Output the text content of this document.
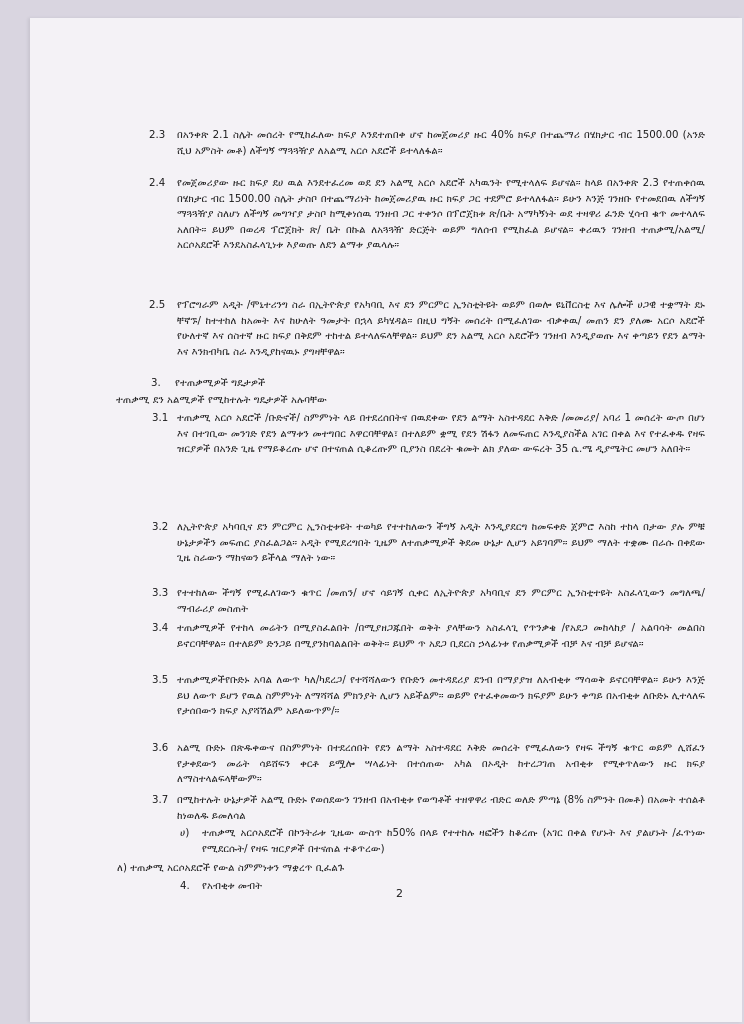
2.3	በአንቀጽ 2.1 ስሌት መሰረት የሚከፈለው ክፍያ እንደተጠበቀ ሆኖ ከመጀመሪያ ዙር 40% ክፍያ በተጨማሪ በሄክታር ብር 1500.00 (አንድ ሺህ አምስት መቶ) ለችግኝ ማጓጓዥያ ለአልሚ አርሶ አደሮች ይተላለፋል።
2.4	የመጀመሪያው ዙር ክፍያ ደሀ ዉል እንደተፈረመ ወደ ደን አልሚ አርሶ አደሮች አካዉንት የሚተላለፍ ይሆናል። ከላይ በአንቀጽ 2.3 የተጠቀሰዉ በሄክታር ብር 1500.00 ስሌት ታስቦ በተጨማሪነት ከመጀመሪያዉ ዙር ክፍያ ጋር ተደምሮ ይተላለፋል። ይሁን እንጅ ገንዘቡ የተመደበዉ ለችግኝ ማጓጓዥያ ስለሆነ ለችግኝ መግዣያ ታስቦ ከሚቀነሰዉ ገንዘብ ጋር ተቀንሶ በፕሮጀክቱ ጽ/ቤት አማካኝነት ወደ ተዛዋሪ ፈንድ ሂሳብ ቁጥ መተላለፍ አለበት። ይህም በወረዳ ፕሮጀክት ጽ/ ቤት በኩል ለአጓጓዥ ድርጅት ወይም ግለሰብ የሚከፈል ይሆናል። ቀሪዉን ገንዘብ ተጠቃሚ/አልሚ/ አርሶአደሮች እንደአስፈላጊነቱ እያወጡ ለደን ልማቱ ያዉላሉ።
2.5	የፕሮግራም አዲት /ሞኒተሪንግ ስራ በኢትዮጵያ የአካባቢ እና ደን ምርምር ኢንስቲትዩት ወይም በወሎ ዩኒቨርስቲ እና ሌሎች ሀጋዊ ተቋማት ደኑ ቸኛኙ/ ከተተከለ ከአመት እና ከሁለት ዓመታት በኋላ ይካሄዳል። በዚህ ግኝት መሰረት በሚፈለገው ብቃቀዉ/ መጠን ደን ያለሙ አርሶ አደሮች የሁለተኛ እና ሰስተኛ ዙር ክፍያ በቅደም ተከተል ይተላለፍላቸዋል። ይህም ደን አልሚ አርሶ አደሮችን ገንዘብ እንዲያወጡ እና ቀጣይን የደን ልማት እና እንክብካቤ ስራ እንዲያከናዉኑ ያግዛቸዋል።
3. የተጠቃሚዎች ግዴታዎች
ተጠቃሚ ደን አልሚዎች የሚከተሉት ግዴታዎች አሉባቸው
3.1 ተጠቃሚ አርሶ አደሮች /ቡድኖች/ ስምምነት ላይ በተደረሰበትና በዉደቀው የደን ልማት አስተዳደር እቅድ /መመሪያ/ አባሪ 1 መሰረት ውጦ በሆነ እና በተገቢው መንገድ የደን ልማቱን መተግበር እዋርባቸዋል፣ በተለይም ቋሚ የደን ሽፋን ለመፍጠር እንዲያስችል አገር በቀል እና የተፈቀዱ የዛፍ ዝርያዎች በአንድ ጊዜ የማይቆረጡ ሆኖ በተናጠል ሲቆረጡም ቢያንስ በደረት ቁመት ልክ ያለው ውፍረት 35 ሴ.ሜ ዲያሜትር መሆን አለበት።
3.2 ለኢትዮጵያ አካባቢና ደን ምርምር ኢንስቲቱዩት ተወካይ የተተከለውን ችግኝ አዲት እንዲያደርግ ከመፍቀድ ጀምሮ እስከ ተከላ በታው ያሉ ምቹ ሁኔታዎችን መፍጠር ያስፈልጋል። አዲት የሚደረግበት ጊዜም ለተጠቃሚዎች ቅደመ ሁኔታ ሊሆን አይገባም። ይህም ማለት ተቋሙ በራሱ በቀደው ጊዜ ስራውን ማከናወን ይችላል ማለት ነው።
3.3 የተተከለው ችግኝ የሚፈለገውን ቁጥር /መጠን/ ሆኖ ሳይገኝ ሲቀር ለኢትዮጵያ አካባቢና ደን ምርምር ኢንስቲተዩት አስፈላጊውን መግለጫ/ማብራሪያ መስጠት
3.4 ተጠቃሚዎች የተከላ መሬትን በሚያስፈልበት /በሚያዘጋጁበት ወቅት ያላቸውን አስፈላጊ የጥንቃቄ /የአደጋ መከላከያ / አልባሳት መልበስ ይኖርባቸዋል። በተለይም ድንጋይ በሚያንከባልልበት ወቅት። ይህም ጥ አደጋ ቢደርስ ኃላፊነቱ የጠቃሚዎች ብቻ እና ብቻ ይሆናል።
3.5 ተጠቃሚዎችየቡድኑ አባል ለውጥ ካለ/ካደረጋ/ የተሻሻለውን የቡድን መተዳደሪያ ደንብ በማያያዝ ለአብቂቱ ማሳወቅ ይኖርባቸዋል። ይሁን እንጅ ይህ ለውጥ ይሆን የዉል ስምምነት ለማሻሻል ምክንያት ሊሆን አይችልም። ወይም የተፈቀመውን ክፍያም ይሁን ቀጣይ በአብቂቱ ለቡድኑ ሊተላለፍ የታሰበውን ክፍያ አያሻሽልም አይለውጥም/።
3.6 አልሚ ቡድኑ በጽዱቀውና በስምምነት በተደረሰበት የደን ልማት አስተዳደር እቅድ መሰረት የሚፈለውን የዛፍ ችግኝ ቁጥር ወይም ሊሸፈን የታቀደውን መሬት ሳይሸፍን ቀርቶ ይሟሎ ሣላፊነት በተሰጠው አካል በኦዲት ከተረጋገጠ አብቂቱ የሚቀጥለውን ዙር ክፍያ ለማስተላልፍላቸውም።
3.7 በሚከተሉት ሁኔታዎች አልሚ ቡድኑ የወሰደውን ገንዘብ በአብቂቱ የወጣቶች ተዘዋዋሪ ብድር ወለድ ምጣኔ (8% ስምንት በመቶ) በአመት ተሰልቶ ከነወለዱ ይመለሳል
ሀ)	ተጠቃሚ አርሶአደሮች በኮንትራቱ ጊዜው ውስጥ ከ50% በላይ የተተከሉ ዛፎችን ከቆረጡ (አገር በቀል የሆኑት እና ያልሆኑት /ፈጥነው የሚደርሱት/ የዛፍ ዝርያዎች በተናጠል ተቆጥረው)
ለ) ተጠቃሚ አርሶአደሮች የውል ስምምነቱን ማቋረጥ ቢፈልጉ
4. የአብቂቱ መብት
2
